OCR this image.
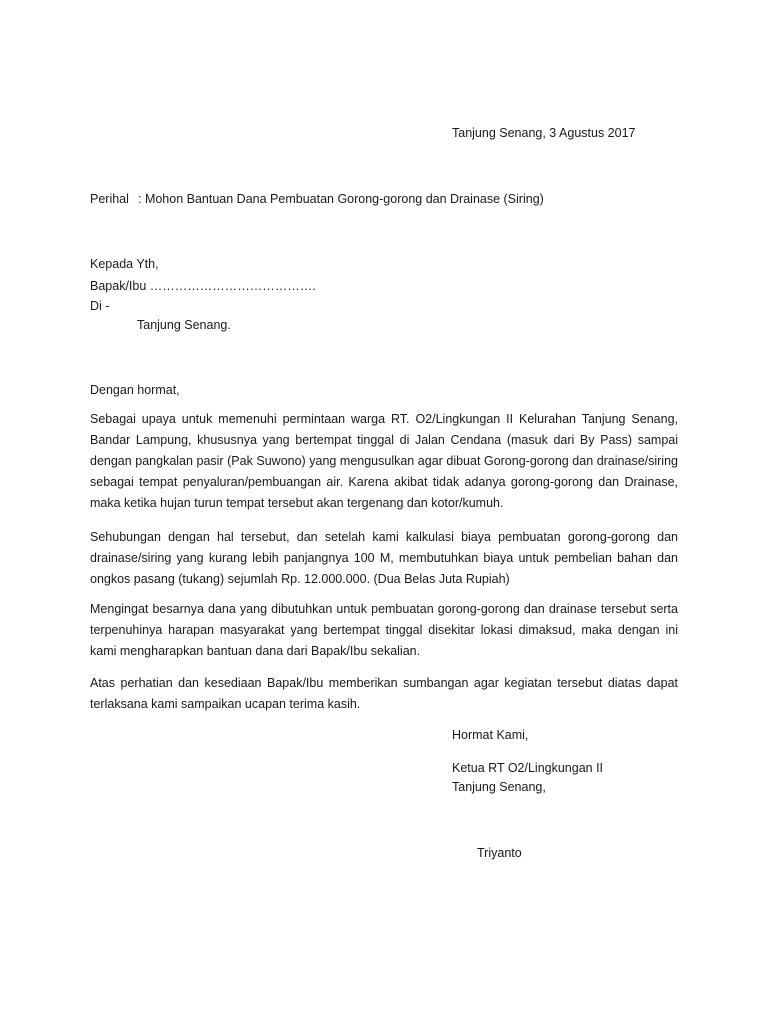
Tanjung Senang, 3 Agustus 2017
Perihal : Mohon Bantuan Dana Pembuatan Gorong-gorong dan Drainase (Siring)
Kepada Yth,
Bapak/Ibu ………………………………….
Di -
Tanjung Senang.
Dengan hormat,
Sebagai upaya untuk memenuhi permintaan warga RT. O2/Lingkungan II Kelurahan Tanjung Senang, Bandar Lampung, khususnya yang bertempat tinggal di Jalan Cendana (masuk dari By Pass) sampai dengan pangkalan pasir (Pak Suwono) yang mengusulkan agar dibuat Gorong-gorong dan drainase/siring sebagai tempat penyaluran/pembuangan air. Karena akibat tidak adanya gorong-gorong dan Drainase, maka ketika hujan turun tempat tersebut akan tergenang dan kotor/kumuh.
Sehubungan dengan hal tersebut, dan setelah kami kalkulasi biaya pembuatan gorong-gorong dan drainase/siring yang kurang lebih panjangnya 100 M, membutuhkan biaya untuk pembelian bahan dan ongkos pasang (tukang) sejumlah Rp. 12.000.000. (Dua Belas Juta Rupiah)
Mengingat besarnya dana yang dibutuhkan untuk pembuatan gorong-gorong dan drainase tersebut serta terpenuhinya harapan masyarakat yang bertempat tinggal disekitar lokasi dimaksud, maka dengan ini kami mengharapkan bantuan dana dari Bapak/Ibu sekalian.
Atas perhatian dan kesediaan Bapak/Ibu memberikan sumbangan agar kegiatan tersebut diatas dapat terlaksana kami sampaikan ucapan terima kasih.
Hormat Kami,
Ketua RT O2/Lingkungan II
Tanjung Senang,
Triyanto
